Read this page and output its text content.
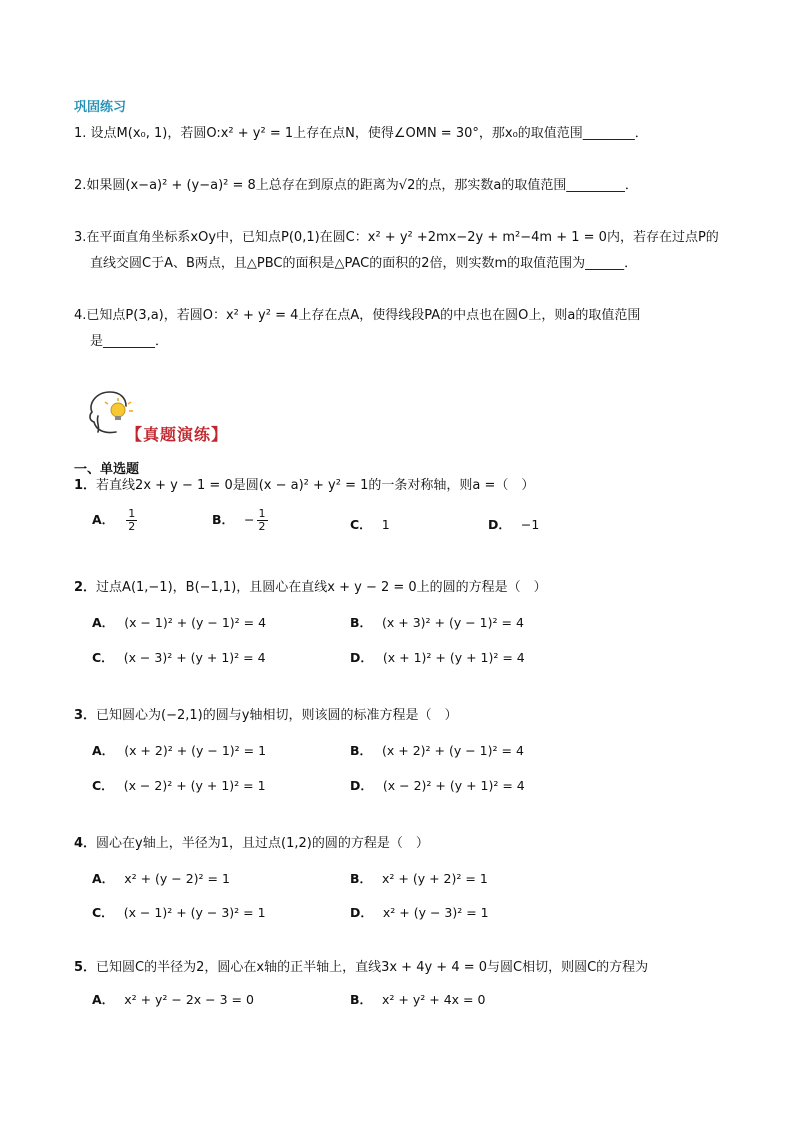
巩固练习
1. 设点M(x₀, 1)，若圆O:x² + y² = 1上存在点N，使得∠OMN = 30°，那x₀的取值范围________．
2.如果圆(x−a)² + (y−a)² = 8上总存在到原点的距离为√2的点，那实数a的取值范围_________．
3.在平面直角坐标系xOy中，已知点P(0,1)在圆C：x² + y² +2mx−2y + m²−4m + 1 = 0内，若存在过点P的
直线交圆C于A、B两点，且△PBC的面积是△PAC的面积的2倍，则实数m的取值范围为______．
4.已知点P(3,a)，若圆O：x² + y² = 4上存在点A，使得线段PA的中点也在圆O上，则a的取值范围
是________．
【真题演练】
一、单选题
1．若直线2x + y − 1 = 0是圆(x − a)² + y² = 1的一条对称轴，则a =（　）
A． $\frac{1}{2}$	B． − $\frac{1}{2}$	C． 1	D． −1
2．过点A(1,−1)，B(−1,1)，且圆心在直线x + y − 2 = 0上的圆的方程是（　）
A． (x − 1)² + (y − 1)² = 4	B． (x + 3)² + (y − 1)² = 4
C． (x − 3)² + (y + 1)² = 4	D． (x + 1)² + (y + 1)² = 4
3．已知圆心为(−2,1)的圆与y轴相切，则该圆的标准方程是（　）
A． (x + 2)² + (y − 1)² = 1	B． (x + 2)² + (y − 1)² = 4
C． (x − 2)² + (y + 1)² = 1	D． (x − 2)² + (y + 1)² = 4
4．圆心在y轴上，半径为1，且过点(1,2)的圆的方程是（　）
A． x² + (y − 2)² = 1	B． x² + (y + 2)² = 1
C． (x − 1)² + (y − 3)² = 1	D． x² + (y − 3)² = 1
5．已知圆C的半径为2，圆心在x轴的正半轴上，直线3x + 4y + 4 = 0与圆C相切，则圆C的方程为
A． x² + y² − 2x − 3 = 0	B． x² + y² + 4x = 0
